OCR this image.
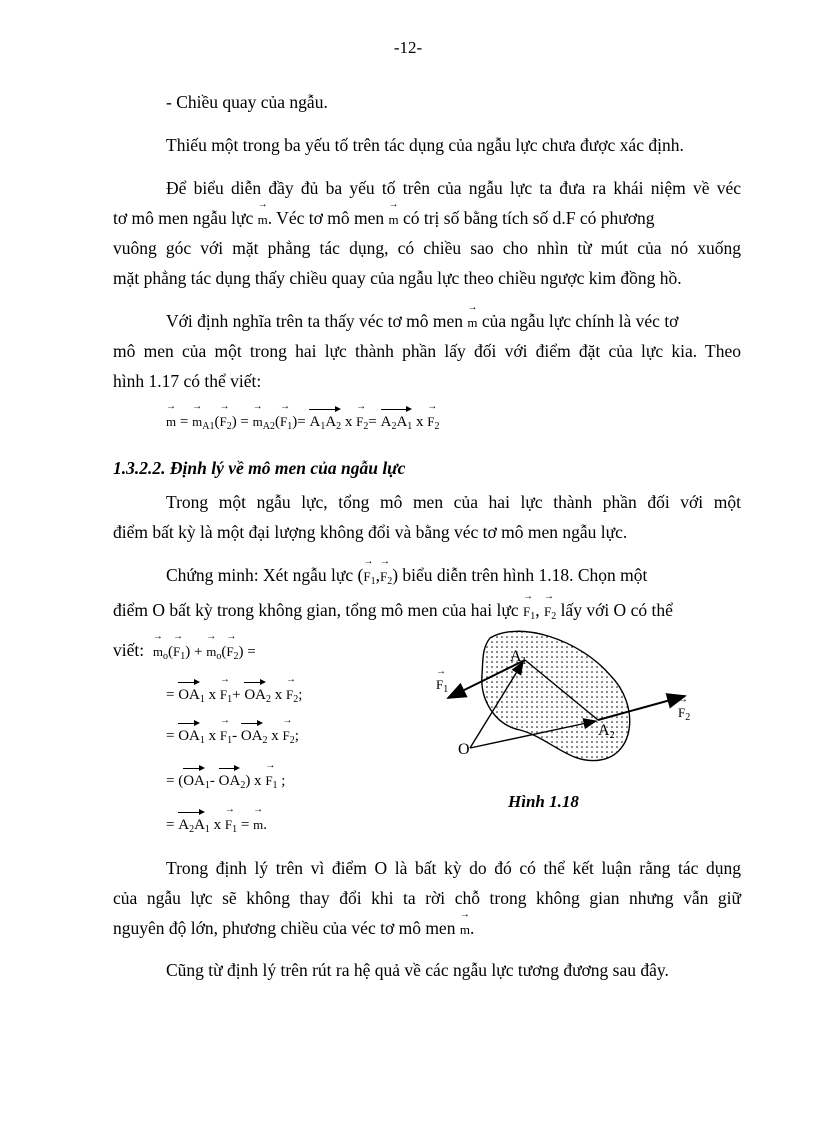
-12-
- Chiều quay của ngẫu.
Thiếu một trong ba yếu tố trên tác dụng của ngẫu lực chưa được xác định.
Để biểu diễn đầy đủ ba yếu tố trên của ngẫu lực ta đưa ra khái niệm về véc
tơ mô men ngẫu lực → m. Véc tơ mô men → m có trị số bằng tích số d.F có phương
vuông góc với mặt phẳng tác dụng, có chiều sao cho nhìn từ mút của nó xuống
mặt phẳng tác dụng thấy chiều quay của ngẫu lực theo chiều ngược kim đồng hồ.
Với định nghĩa trên ta thấy véc tơ mô men → m của ngẫu lực chính là véc tơ
mô men của một trong hai lực thành phần lấy đối với điểm đặt của lực kia. Theo
hình 1.17 có thể viết:
→ m = → $m_{A1}(\to F_2)$ = → $m_{A2}(\to F_1)= A_1A_2$ $x \to F_2= A_2A_1$ $x \to F_2$
1.3.2.2. Định lý về mô men của ngẫu lực
Trong một ngẫu lực, tổng mô men của hai lực thành phần đối với một
điểm bất kỳ là một đại lượng không đổi và bằng véc tơ mô men ngẫu lực.
Chứng minh: Xét ngẫu lực (→ $F_1,\to F_2$) biểu diễn trên hình 1.18. Chọn một
điểm O bất kỳ trong không gian, tổng mô men của hai lực → $F_1$, → $F_2$ lấy với O có thể
viết: → $m_o(\to F_1)$ + → $m_o(\to F_2)$ =
= $OA_1$ $x \to F_1+ OA_2$ $x \to F_2$;
= $OA_1$ $x \to F_1-$ $OA_2$ $x \to F_2$;
= ($OA_1-$ $OA_2$) $x \to F_1$ ;
= $A_2A_1$ $x \to F_1$ = → m.
$A_1$
$A_2$
→ $F_1$
→ $F_2$
O
Hình 1.18
Trong định lý trên vì điểm O là bất kỳ do đó có thể kết luận rằng tác dụng
của ngẫu lực sẽ không thay đổi khi ta rời chỗ trong không gian nhưng vẫn giữ
nguyên độ lớn, phương chiều của véc tơ mô men → m.
Cũng từ định lý trên rút ra hệ quả về các ngẫu lực tương đương sau đây.
